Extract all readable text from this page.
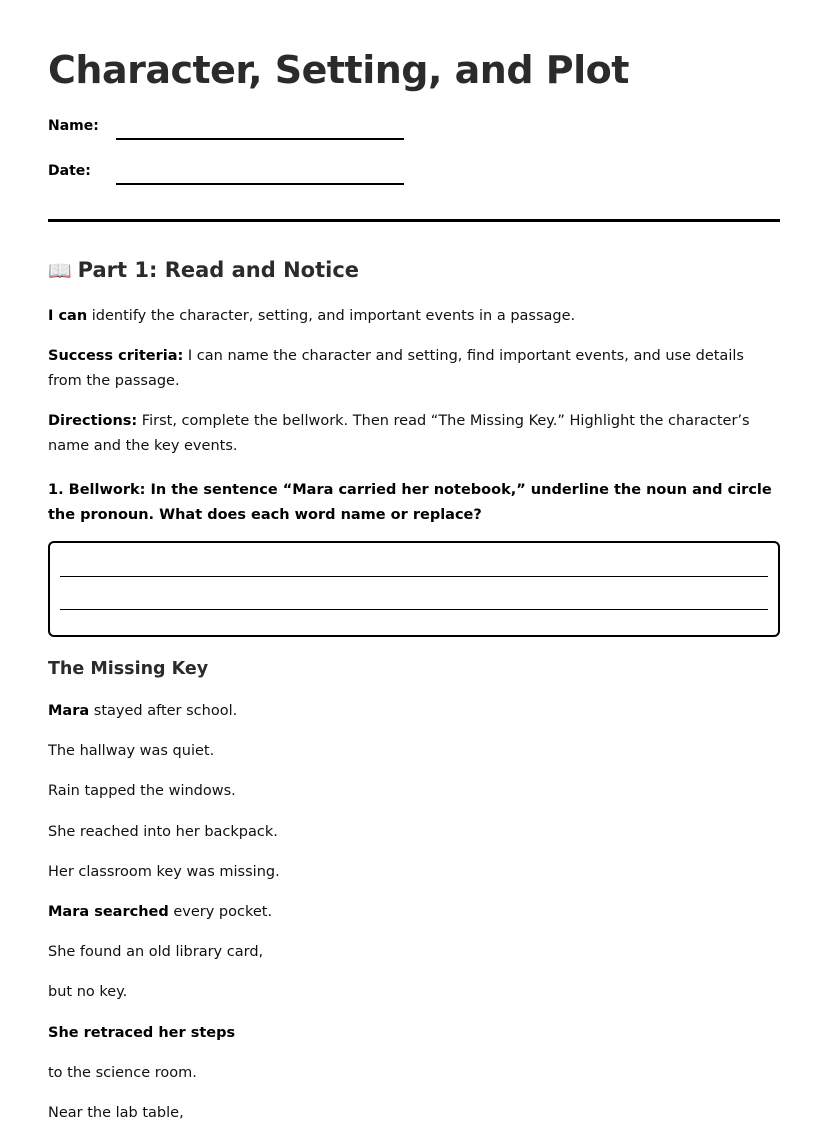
Character, Setting, and Plot
Name:
Date:
📖 Part 1: Read and Notice
I can identify the character, setting, and important events in a passage.
Success criteria: I can name the character and setting, find important events, and use details from the passage.
Directions: First, complete the bellwork. Then read “The Missing Key.” Highlight the character’s name and the key events.
1. Bellwork: In the sentence “Mara carried her notebook,” underline the noun and circle the pronoun. What does each word name or replace?
The Missing Key
Mara stayed after school.
The hallway was quiet.
Rain tapped the windows.
She reached into her backpack.
Her classroom key was missing.
Mara searched every pocket.
She found an old library card,
but no key.
She retraced her steps
to the science room.
Near the lab table,
